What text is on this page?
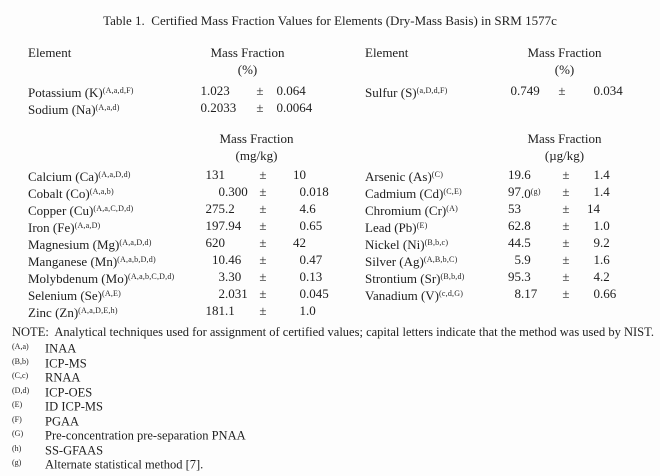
Table 1.  Certified Mass Fraction Values for Elements (Dry-Mass Basis) in SRM 1577c
Element	Mass Fraction
(%)
Potassium $(K)^{(A,a,d,F)}$	1 .023	± 0 .064
Sodium $(Na)^{(A,a,d)}$	0 .2033	± 0 .0064
Element	Mass Fraction
(%)
Sulfur $(S)^{(a,D,d,F)}$	0 .749	±	0 .034
Mass Fraction
(mg/kg)
Calcium $(Ca)^{(A,a,D,d)}$	131	±	10
Cobalt $(Co)^{(A,a,b)}$	0 .300 ±	0 .018
Copper $(Cu)^{(A,a,C,D,d)}$	275 .2	±	4 .6
Iron $(Fe)^{(A,a,D)}$	197 .94	±	0 .65
Magnesium $(Mg)^{(A,a,D,d)}$	620	±	42
Manganese $(Mn)^{(A,a,b,D,d)}$	10 .46	±	0 .47
Molybdenum $(Mo)^{(A,a,b,C,D,d)}$	3 .30	±	0 .13
Selenium $(Se)^{(A,E)}$	2 .031 ±	0 .045
Zinc $(Zn)^{(A,a,D,E,h)}$	181 .1	±	1 .0
Mass Fraction
(µg/kg)
Arsenic $(As)^{(C)}$	19 .6	±	1 .4
Cadmium $(Cd)^{(C,E)}$	97 $.0^{(g)}$	±	1 .4
Chromium $(Cr)^{(A)}$	53	±	14
Lead $(Pb)^{(E)}$	62 .8	±	1 .0
Nickel $(Ni)^{(B,b,c)}$	44 .5	±	9 .2
Silver $(Ag)^{(A,B,b,C)}$	5 .9	±	1 .6
Strontium $(Sr)^{(B,b,d)}$	95 .3	±	4 .2
Vanadium $(V)^{(c,d,G)}$	8 .17	±	0 .66
NOTE:  Analytical techniques used for assignment of certified values; capital letters indicate that the method was used by NIST.
(A,a) INAA
(B,b) ICP-MS
(C,c) RNAA
(D,d) ICP-OES
(E) ID ICP-MS
(F) PGAA
(G) Pre-concentration pre-separation PNAA
(h) SS-GFAAS
(g) Alternate statistical method [7].
